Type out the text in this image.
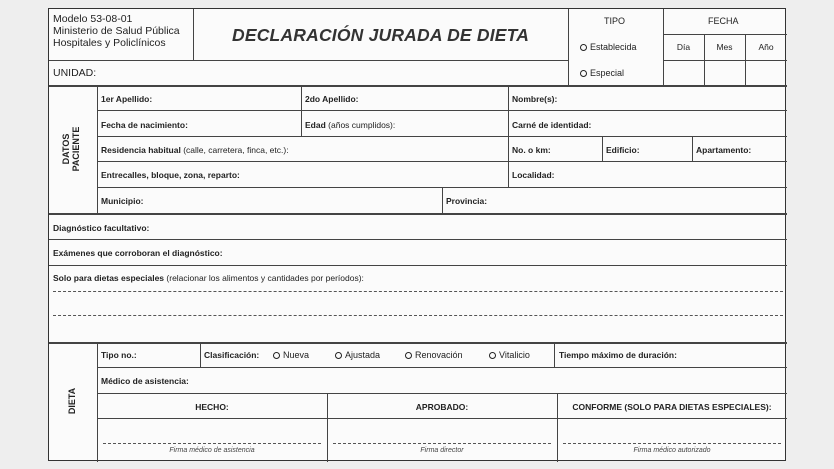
Modelo 53-08-01
Ministerio de Salud Pública
Hospitales y Policlínicos	DECLARACIÓN JURADA DE DIETA
UNIDAD:
TIPO
Establecida
Especial
FECHA
Día	Mes	Año
DATOS PACIENTE
1er Apellido:	2do Apellido:	Nombre(s):
Fecha de nacimiento:	Edad (años cumplidos):	Carné de identidad:
Residencia habitual (calle, carretera, finca, etc.):	No. o km:	Edificio:	Apartamento:
Entrecalles, bloque, zona, reparto:	Localidad:
Municipio:	Provincia:
Diagnóstico facultativo:
Exámenes que corroboran el diagnóstico:
Solo para dietas especiales (relacionar los alimentos y cantidades por períodos):
DIETA
Tipo no.:	Clasificación:	Nueva	Ajustada	Renovación	Vitalicio	Tiempo máximo de duración:
Médico de asistencia:
HECHO:	APROBADO:	CONFORME (SOLO PARA DIETAS ESPECIALES):
Firma médico de asistencia	Firma director	Firma médico autorizado
